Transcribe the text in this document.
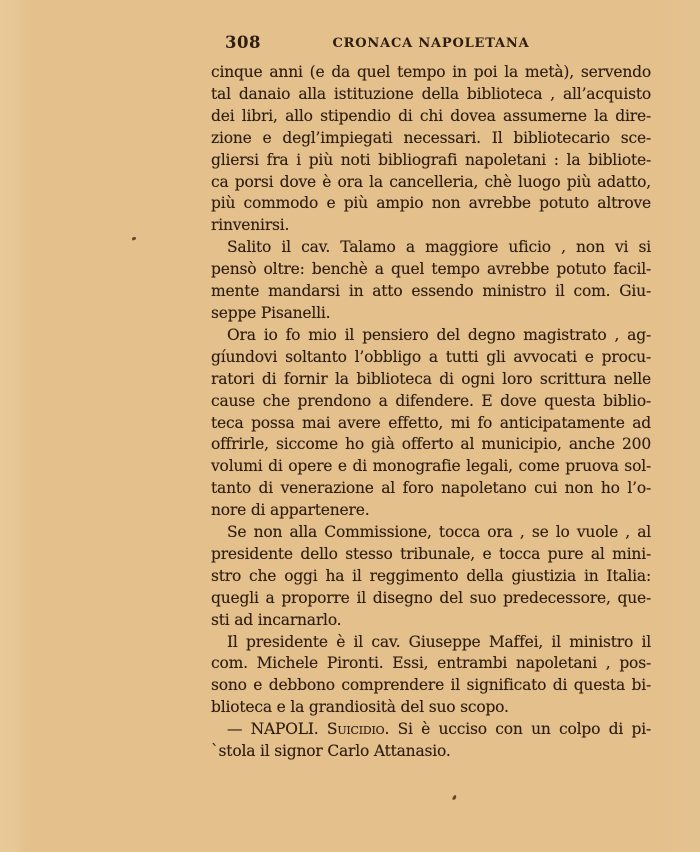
308	CRONACA NAPOLETANA
cinque anni (e da quel tempo in poi la metà), servendo
tal danaio alla istituzione della biblioteca , all’acquisto
dei libri, allo stipendio di chi dovea assumerne la dire-
zione e degl’impiegati necessari. Il bibliotecario sce-
gliersi fra i più noti bibliografi napoletani : la bibliote-
ca porsi dove è ora la cancelleria, chè luogo più adatto,
più commodo e più ampio non avrebbe potuto altrove
rinvenirsi.
Salito il cav. Talamo a maggiore uficio , non vi si
pensò oltre: benchè a quel tempo avrebbe potuto facil-
mente mandarsi in atto essendo ministro il com. Giu-
seppe Pisanelli.
Ora io fo mio il pensiero del degno magistrato , ag-
gíundovi soltanto l’obbligo a tutti gli avvocati e procu-
ratori di fornir la biblioteca di ogni loro scrittura nelle
cause che prendono a difendere. E dove questa biblio-
teca possa mai avere effetto, mi fo anticipatamente ad
offrirle, siccome ho già offerto al municipio, anche 200
volumi di opere e di monografie legali, come pruova sol-
tanto di venerazione al foro napoletano cui non ho l’o-
nore di appartenere.
Se non alla Commissione, tocca ora , se lo vuole , al
presidente dello stesso tribunale, e tocca pure al mini-
stro che oggi ha il reggimento della giustizia in Italia:
quegli a proporre il disegno del suo predecessore, que-
sti ad incarnarlo.
Il presidente è il cav. Giuseppe Maffei, il ministro il
com. Michele Pironti. Essi, entrambi napoletani , pos-
sono e debbono comprendere il significato di questa bi-
blioteca e la grandiosità del suo scopo.
— NAPOLI. Suicidio. Si è ucciso con un colpo di pi-
`stola il signor Carlo Attanasio.
